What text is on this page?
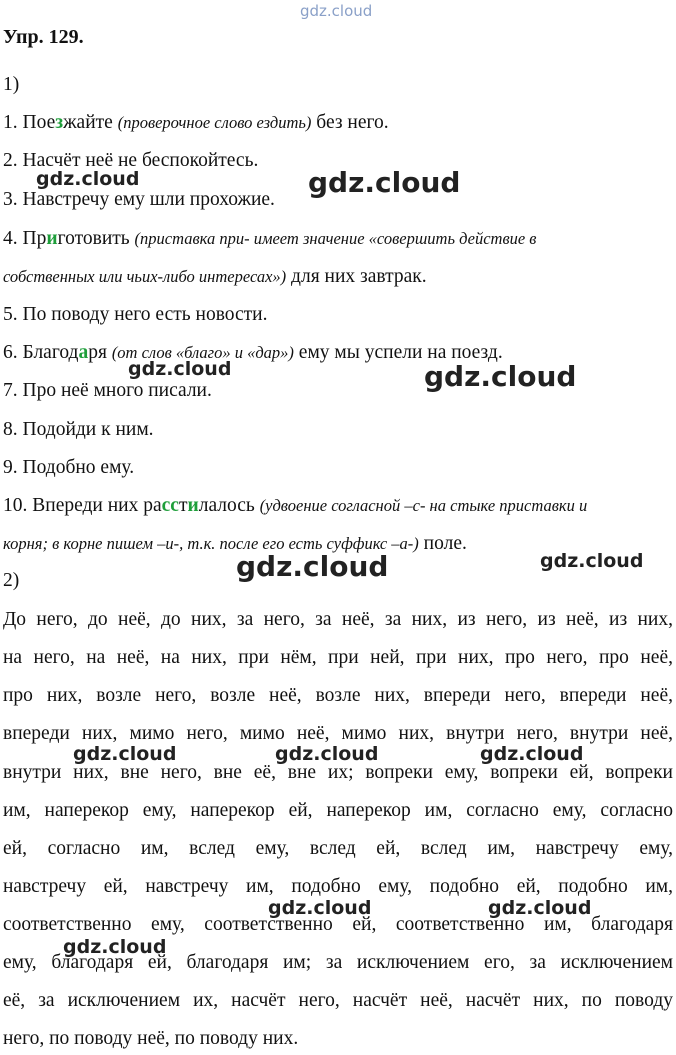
gdz.cloud
Упр. 129.
1)
1. Поезжайте (проверочное слово ездить) без него.
2. Насчёт неё не беспокойтесь.
3. Навстречу ему шли прохожие.
4. Приготовить (приставка при- имеет значение «совершить действие в
собственных или чьих-либо интересах») для них завтрак.
5. По поводу него есть новости.
6. Благодаря (от слов «благо» и «дар») ему мы успели на поезд.
7. Про неё много писали.
8. Подойди к ним.
9. Подобно ему.
10. Впереди них расстилалось (удвоение согласной –с- на стыке приставки и
корня; в корне пишем –и-, т.к. после его есть суффикс –а-) поле.
2)
До него, до неё, до них, за него, за неё, за них, из него, из неё, из них,
на него, на неё, на них, при нём, при ней, при них, про него, про неё,
про них, возле него, возле неё, возле них, впереди него, впереди неё,
впереди них, мимо него, мимо неё, мимо них, внутри него, внутри неё,
внутри них, вне него, вне её, вне их; вопреки ему, вопреки ей, вопреки
им, наперекор ему, наперекор ей, наперекор им, согласно ему, согласно
ей, согласно им, вслед ему, вслед ей, вслед им, навстречу ему,
навстречу ей, навстречу им, подобно ему, подобно ей, подобно им,
соответственно ему, соответственно ей, соответственно им, благодаря
ему, благодаря ей, благодаря им; за исключением его, за исключением
её, за исключением их, насчёт него, насчёт неё, насчёт них, по поводу
него, по поводу неё, по поводу них.
gdz.cloud	gdz.cloud
gdz.cloud	gdz.cloud
gdz.cloud	gdz.cloud
gdz.cloud	gdz.cloud	gdz.cloud
gdz.cloud	gdz.cloud
gdz.cloud
